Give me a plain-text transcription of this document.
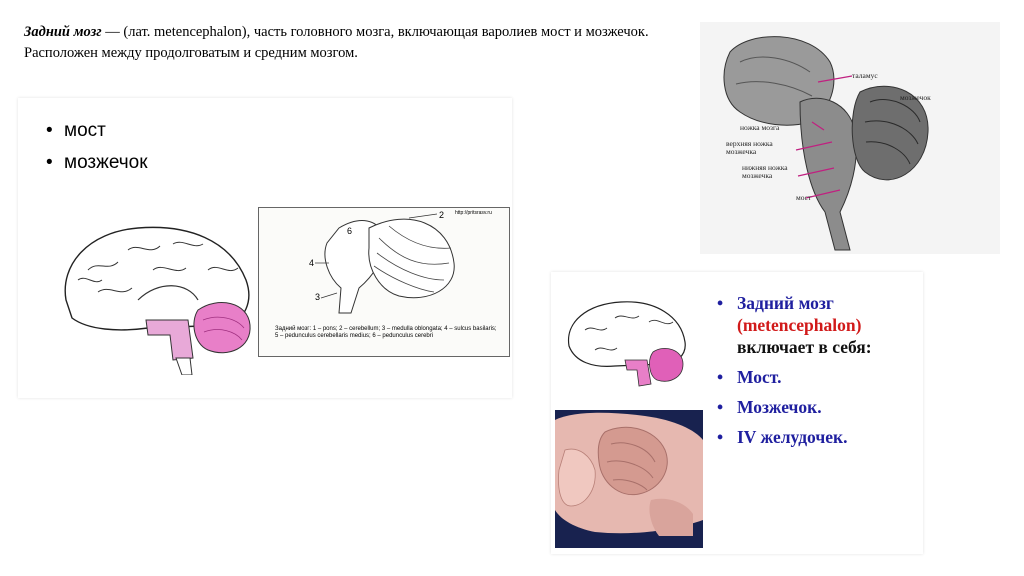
Задний мозг — (лат. metencephalon), часть головного мозга, включающая варолиев мост и мозжечок. Расположен между продолговатым и средним мозгом.
• мост
• мозжечок
2
4
3
6
http://pritsrasv.ru
Задний мозг: 1 – pons; 2 – cerebellum; 3 – medulla oblongata; 4 – sulcus basilaris; 5 – pedunculus cerebellaris medius; 6 – pedunculus cerebri
таламус
мозжечок
ножка мозга
верхняя ножка мозжечка
нижняя ножка мозжечка
мост
• Задний мозг
(metencephalon)
включает в себя:
• Мост.
• Мозжечок.
• IV желудочек.
